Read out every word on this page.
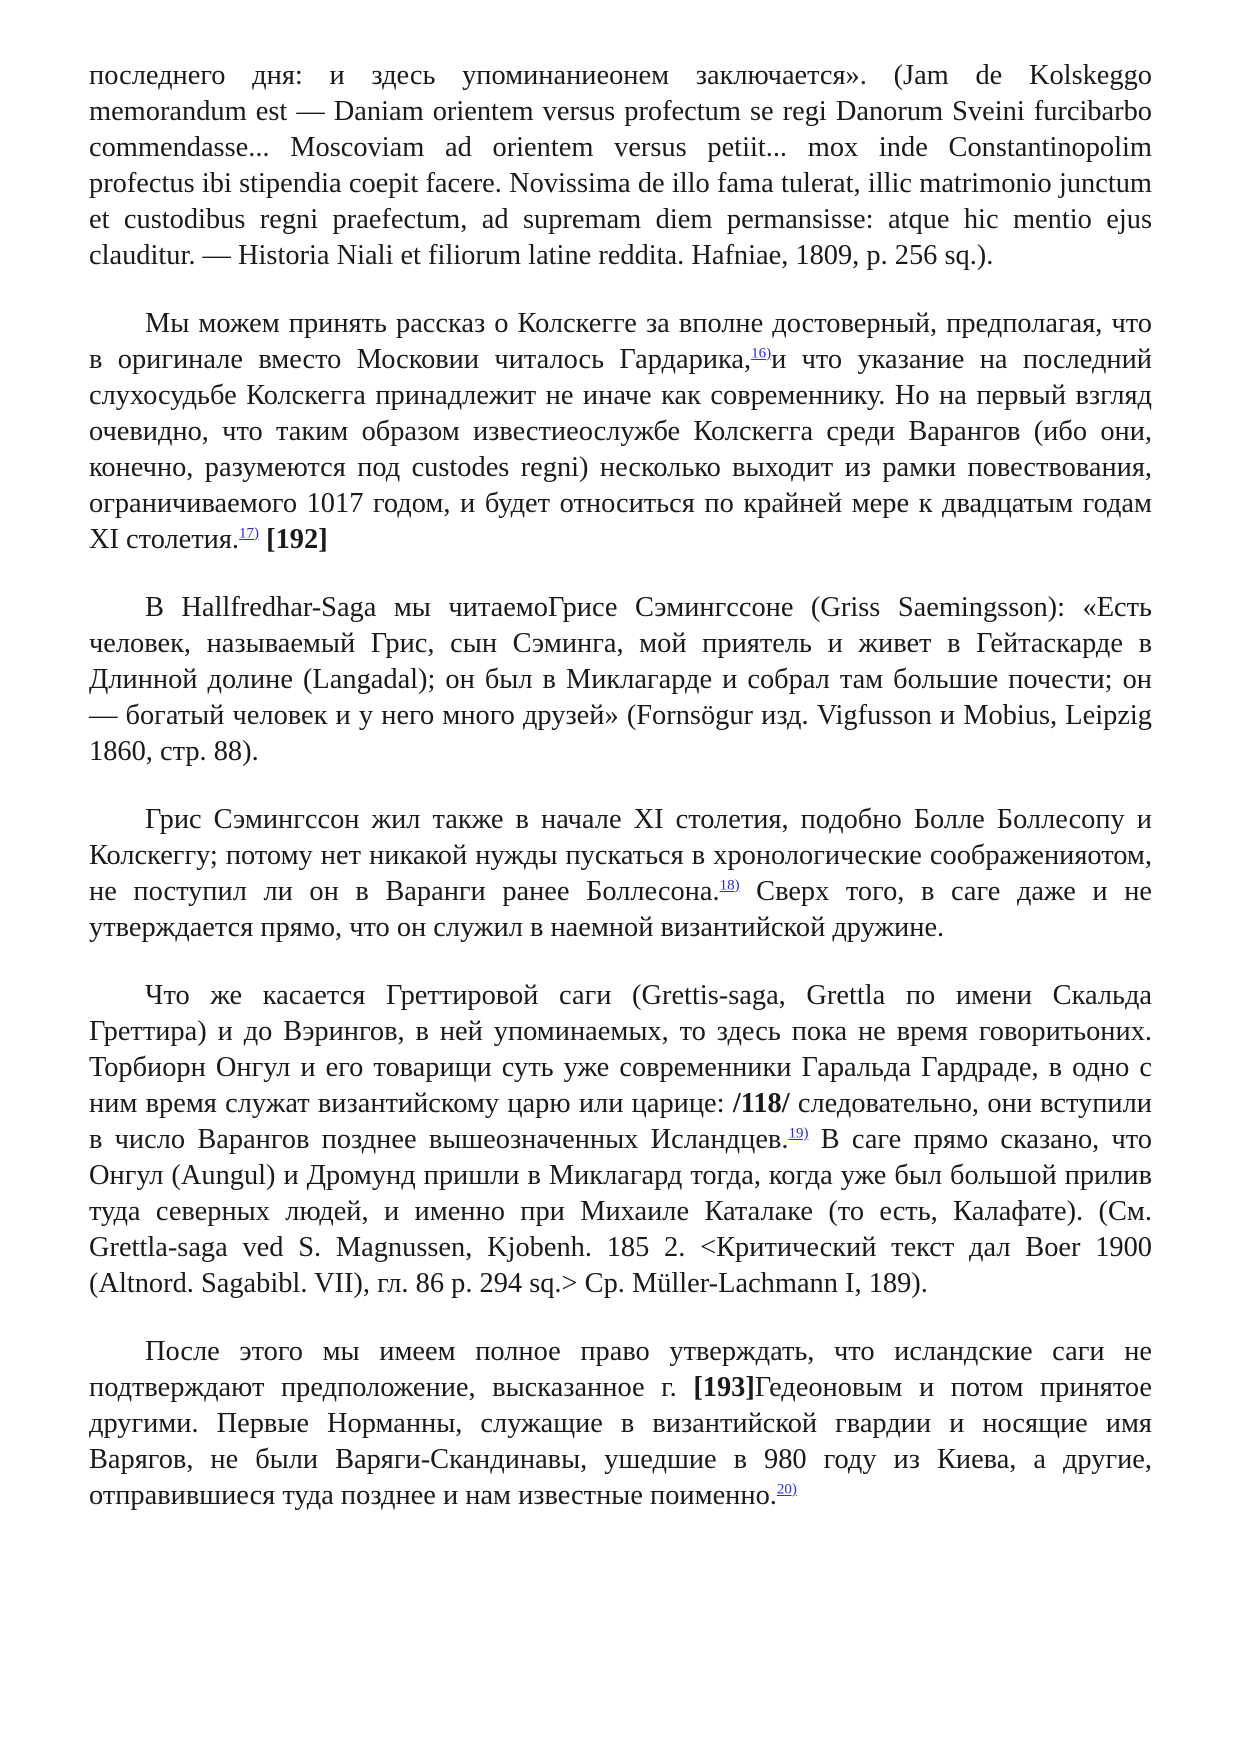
последнего дня: и здесь упоминаниеонем заключается». (Jam de Kolskeggo memorandum est — Daniam orientem versus profectum se regi Danorum Sveini furcibarbo commendasse... Moscoviam ad orientem versus petiit... mox inde Constantinopolim profectus ibi stipendia coepit facere. Novissima de illo fama tulerat, illic matrimonio junctum et custodibus regni praefectum, ad supremam diem permansisse: atque hic mentio ejus clauditur. — Historia Niali et filiorum latine reddita. Hafniae, 1809, p. 256 sq.).

Мы можем принять рассказ о Колскегге за вполне достоверный, предполагая, что в оригинале вместо Московии читалось Гардарика,$^{16)}$и что указание на последний слухосудьбе Колскегга принадлежит не иначе как современнику. Но на первый взгляд очевидно, что таким образом известиеослужбе Колскегга среди Варангов (ибо они, конечно, разумеются под custodes regni) несколько выходит из рамки повествования, ограничиваемого 1017 годом, и будет относиться по крайней мере к двадцатым годам XI столетия.$^{17)}$ [192]

В Hallfredhar-Saga мы читаемоГрисе Сэмингссоне (Griss Saemingsson): «Есть человек, называемый Грис, сын Сэминга, мой приятель и живет в Гейтаскарде в Длинной долине (Langadal); он был в Миклагарде и собрал там большие почести; он — богатый человек и у него много друзей» (Fornsögur изд. Vigfusson и Mobius, Leipzig 1860, стр. 88).

Грис Сэмингссон жил также в начале XI столетия, подобно Болле Боллесопу и Колскеггу; потому нет никакой нужды пускаться в хронологические соображенияотом, не поступил ли он в Варанги ранее Боллесона.$^{18)}$ Сверх того, в саге даже и не утверждается прямо, что он служил в наемной византийской дружине.

Что же касается Греттировой саги (Grettis-saga, Grettla по имени Скальда Греттира) и до Вэрингов, в ней упоминаемых, то здесь пока не время говоритьоних. Торбиорн Онгул и его товарищи суть уже современники Гаральда Гардраде, в одно с ним время служат византийскому царю или царице: /118/ следовательно, они вступили в число Варангов позднее вышеозначенных Исландцев.$^{19)}$ В саге прямо сказано, что Онгул (Aungul) и Дромунд пришли в Миклагард тогда, когда уже был большой прилив туда северных людей, и именно при Михаиле Каталаке (то есть, Калафате). (См. Grettla-saga ved S. Magnussen, Kjobenh. 185 2. <Критический текст дал Boer 1900 (Altnord. Sagabibl. VII), гл. 86 p. 294 sq.> Ср. Müller-Lachmann I, 189).

После этого мы имеем полное право утверждать, что исландские саги не подтверждают предположение, высказанное г. [193]Гедеоновым и потом принятое другими. Первые Норманны, служащие в византийской гвардии и носящие имя Варягов, не были Варяги-Скандинавы, ушедшие в 980 году из Киева, а другие, отправившиеся туда позднее и нам известные поименно.$^{20)}$
